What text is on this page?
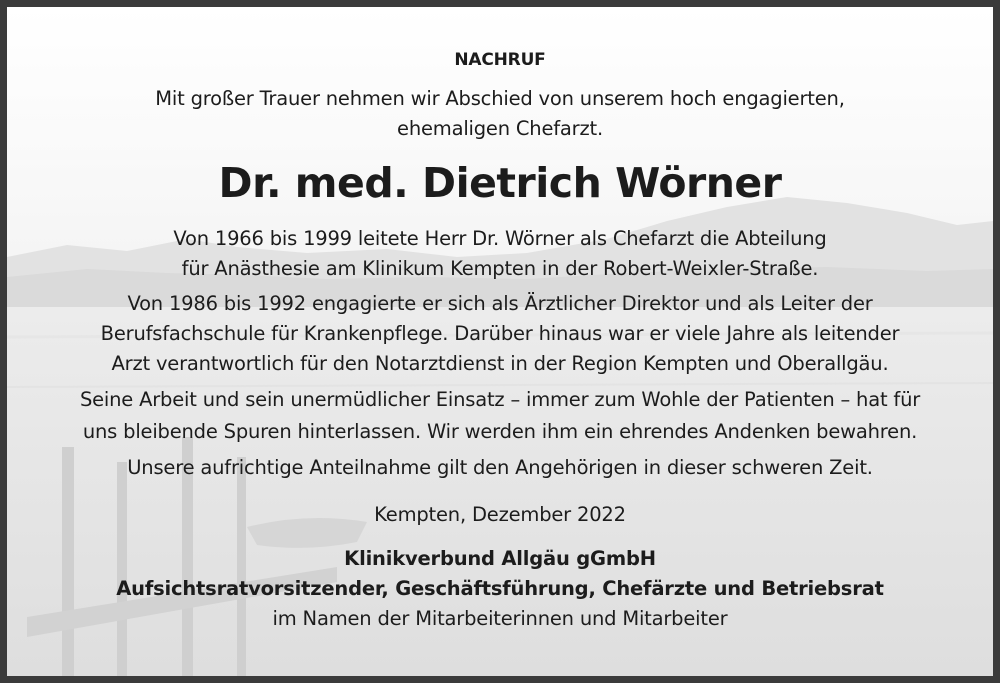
NACHRUF
Mit großer Trauer nehmen wir Abschied von unserem hoch engagierten,
ehemaligen Chefarzt.
Dr. med. Dietrich Wörner
Von 1966 bis 1999 leitete Herr Dr. Wörner als Chefarzt die Abteilung
für Anästhesie am Klinikum Kempten in der Robert-Weixler-Straße.
Von 1986 bis 1992 engagierte er sich als Ärztlicher Direktor und als Leiter der
Berufsfachschule für Krankenpflege. Darüber hinaus war er viele Jahre als leitender
Arzt verantwortlich für den Notarztdienst in der Region Kempten und Oberallgäu.
Seine Arbeit und sein unermüdlicher Einsatz – immer zum Wohle der Patienten – hat für
uns bleibende Spuren hinterlassen. Wir werden ihm ein ehrendes Andenken bewahren.
Unsere aufrichtige Anteilnahme gilt den Angehörigen in dieser schweren Zeit.
Kempten, Dezember 2022
Klinikverbund Allgäu gGmbH
Aufsichtsratvorsitzender, Geschäftsführung, Chefärzte und Betriebsrat
im Namen der Mitarbeiterinnen und Mitarbeiter
